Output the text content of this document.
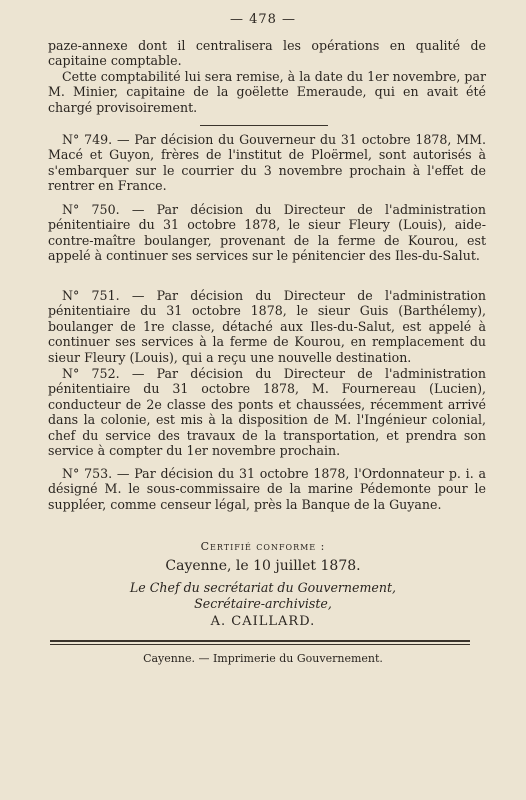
— 478 —

paze-annexe dont il centralisera les opérations en qualité de capitaine comptable.

Cette comptabilité lui sera remise, à la date du 1er novembre, par M. Minier, capitaine de la goëlette Emeraude, qui en avait été chargé provisoirement.

N° 749. — Par décision du Gouverneur du 31 octobre 1878, MM. Macé et Guyon, frères de l'institut de Ploërmel, sont autorisés à s'embarquer sur le courrier du 3 novembre prochain à l'effet de rentrer en France.

N° 750. — Par décision du Directeur de l'administration pénitentiaire du 31 octobre 1878, le sieur Fleury (Louis), aide-contre-maître boulanger, provenant de la ferme de Kourou, est appelé à continuer ses services sur le pénitencier des Iles-du-Salut.

N° 751. — Par décision du Directeur de l'administration pénitentiaire du 31 octobre 1878, le sieur Guis (Barthélemy), boulanger de 1re classe, détaché aux Iles-du-Salut, est appelé à continuer ses services à la ferme de Kourou, en remplacement du sieur Fleury (Louis), qui a reçu une nouvelle destination.

N° 752. — Par décision du Directeur de l'administration pénitentiaire du 31 octobre 1878, M. Fournereau (Lucien), conducteur de 2e classe des ponts et chaussées, récemment arrivé dans la colonie, est mis à la disposition de M. l'Ingénieur colonial, chef du service des travaux de la transportation, et prendra son service à compter du 1er novembre prochain.

N° 753. — Par décision du 31 octobre 1878, l'Ordonnateur p. i. a désigné M. le sous-commissaire de la marine Pédemonte pour le suppléer, comme censeur légal, près la Banque de la Guyane.

Certifié conforme :
Cayenne, le 10 juillet 1878.
Le Chef du secrétariat du Gouvernement,
Secrétaire-archiviste,
A. CAILLARD.
Cayenne. — Imprimerie du Gouvernement.
